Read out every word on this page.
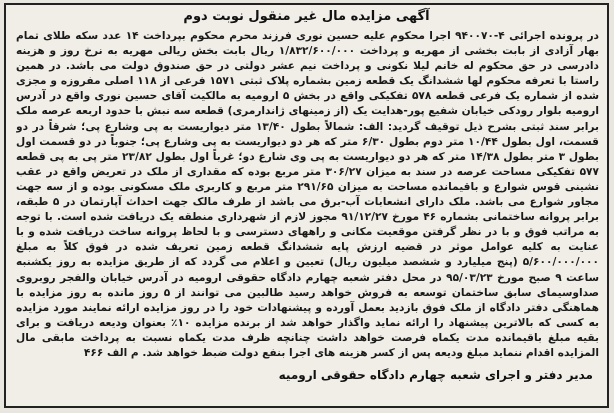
آگهی مزایده مال غیر منقول نوبت دوم

در پرونده اجرائی ۴-۹۴۰۰۷۰ اجرا محکوم علیه حسین نوری فرزند محرم محکوم بپرداخت ۱۴ عدد سکه طلای تمام بهار آزادی از بابت بخشی از مهریه و پرداخت ۱/۸۳۲/۶۰۰/۰۰۰ ریال بابت بخش ریالی مهریه به نرخ روز و هزینه دادرسی در حق محکوم له خانم لیلا نکونی و پرداخت نیم عشر دولتی در حق صندوق دولت می باشد. در همین راستا با تعرفه محکوم لها ششدانگ یک قطعه زمین بشماره پلاک ثبتی ۱۵۷۱ فرعی از ۱۱۸ اصلی مفروزه و مجزی شده از شماره یک فرعی قطعه ۵۷۸ تفکیکی واقع در بخش ۵ ارومیه به مالکیت آقای حسین نوری واقع در آدرس ارومیه بلوار رودکی خیابان شفیع پور-هدایت یک (از زمینهای ژاندارمری) قطعه سه نبش با حدود اربعه عرصه ملک برابر سند ثبتی بشرح ذیل توقیف گردید: الف: شمالاً بطول ۱۳/۴۰ متر دیواریست به پی وشارع پی؛ شرقاً در دو قسمت، اول بطول ۱۰/۴۴ متر دوم بطول ۶/۳۰ متر که هر دو دیواریست به پی وشارع پی؛ جنوباً در دو قسمت اول بطول ۳ متر بطول ۱۴/۳۸ متر که هر دو دیواریست به پی وی شارع دو؛ غرباً اول بطول ۲۳/۸۲ متر پی به پی قطعه ۵۷۷ تفکیکی مساحت عرصه در سند به میزان ۳۰۶/۲۷ متر مربع بوده که مقداری از ملک در تعریض واقع در عقب نشینی قوس شوارع و باقیمانده مساحت به میزان ۲۹۱/۶۵ متر مربع و کاربری ملک مسکونی بوده و از سه جهت مجاور شوارع می باشد. ملک دارای انشعابات آب-برق می باشد از طرف مالک جهت احداث آپارتمان در ۵ طبقه، برابر پروانه ساختمانی بشماره ۴۶ مورخ ۹۱/۱۲/۲۷ مجوز لازم از شهرداری منطقه یک دریافت شده است. با توجه به مراتب فوق و با در نظر گرفتن موقعیت مکانی و راههای دسترسی و با لحاظ پروانه ساخت دریافت شده و با عنایت به کلیه عوامل موثر در قضیه ارزش پایه ششدانگ قطعه زمین تعریف شده در فوق کلاً به مبلغ ۵/۶۰۰/۰۰۰/۰۰۰ (پنج میلیارد و ششصد میلیون ریال) تعیین و اعلام می گردد که از طریق مزایده به روز یکشنبه ساعت ۹ صبح مورخ ۹۵/۰۳/۲۳ در محل دفتر شعبه چهارم دادگاه حقوقی ارومیه در آدرس خیابان والفجر روبروی صداوسیمای سابق ساختمان توسعه به فروش خواهد رسید طالبین می توانند از ۵ روز مانده به روز مزایده با هماهنگی دفتر دادگاه از ملک فوق بازدید بعمل آورده و پیشنهادات خود را در روز مزایده ارائه نمایند مورد مزایده به کسی که بالاترین پیشنهاد را ارائه نماید واگذار خواهد شد از برنده مزایده ۱۰٪ بعنوان ودیعه دریافت و برای بقیه مبلغ باقیمانده مدت یکماه فرصت خواهد داشت چنانچه ظرف مدت یکماه نسبت به پرداخت مابقی مال المزایده اقدام ننماید مبلغ ودیعه پس از کسر هزینه های اجرا بنفع دولت ضبط خواهد شد. م الف ۴۶۶

مدیر دفتر و اجرای شعبه چهارم دادگاه حقوقی ارومیه
